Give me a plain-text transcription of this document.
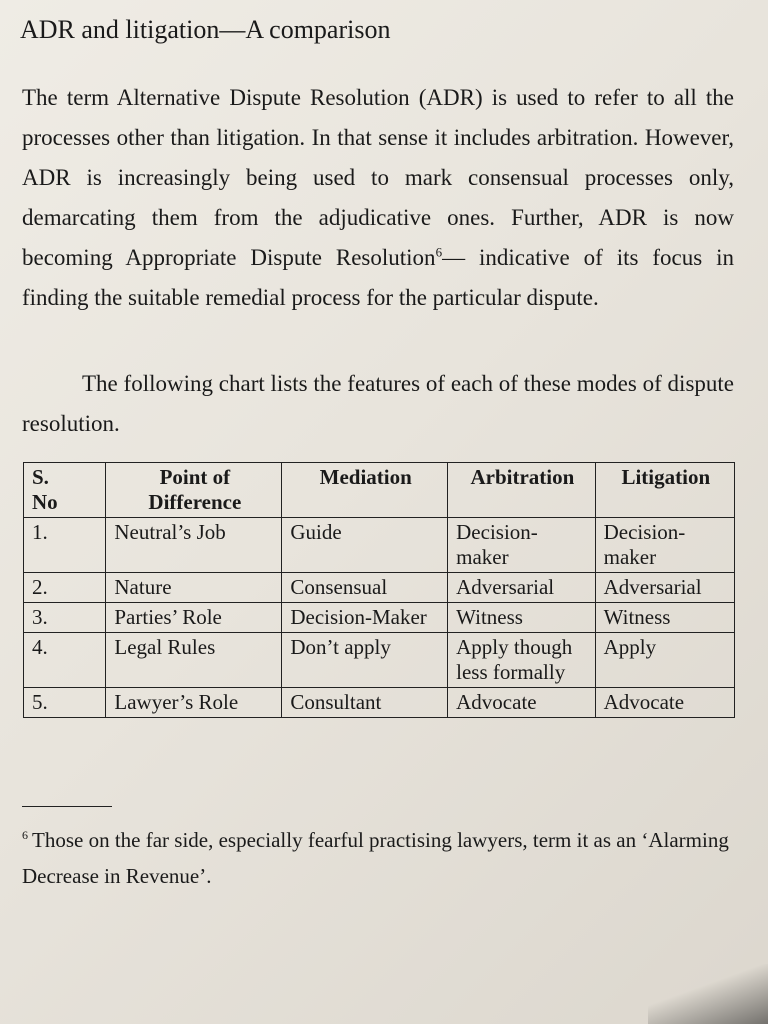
ADR and litigation—A comparison

The term Alternative Dispute Resolution (ADR) is used to refer to all the processes other than litigation. In that sense it includes arbitration. However, ADR is increasingly being used to mark consensual processes only, demarcating them from the adjudicative ones. Further, ADR is now becoming Appropriate Dispute Resolution$^6$— indicative of its focus in finding the suitable remedial process for the particular dispute.

The following chart lists the features of each of these modes of dispute resolution.

S.
No	Point of Difference	Mediation	Arbitration	Litigation
1.	Neutral’s Job	Guide	Decision-maker	Decision-maker
2.	Nature	Consensual	Adversarial	Adversarial
3.	Parties’ Role	Decision-Maker	Witness	Witness
4.	Legal Rules	Don’t apply	Apply though less formally	Apply
5.	Lawyer’s Role	Consultant	Advocate	Advocate

$^6$ Those on the far side, especially fearful practising lawyers, term it as an ‘Alarming Decrease in Revenue’.
